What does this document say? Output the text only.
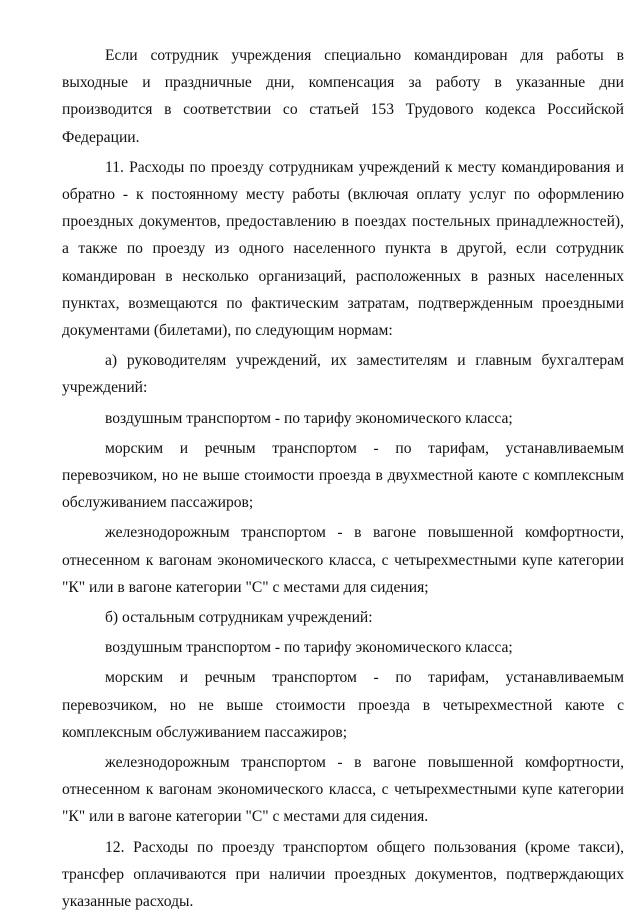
Если сотрудник учреждения специально командирован для работы в выходные и праздничные дни, компенсация за работу в указанные дни производится в соответствии со статьей 153 Трудового кодекса Российской Федерации.

11. Расходы по проезду сотрудникам учреждений к месту командирования и обратно - к постоянному месту работы (включая оплату услуг по оформлению проездных документов, предоставлению в поездах постельных принадлежностей), а также по проезду из одного населенного пункта в другой, если сотрудник командирован в несколько организаций, расположенных в разных населенных пунктах, возмещаются по фактическим затратам, подтвержденным проездными документами (билетами), по следующим нормам:

а) руководителям учреждений, их заместителям и главным бухгалтерам учреждений:

воздушным транспортом - по тарифу экономического класса;

морским и речным транспортом - по тарифам, устанавливаемым перевозчиком, но не выше стоимости проезда в двухместной каюте с комплексным обслуживанием пассажиров;

железнодорожным транспортом - в вагоне повышенной комфортности, отнесенном к вагонам экономического класса, с четырехместными купе категории "К" или в вагоне категории "С" с местами для сидения;

б) остальным сотрудникам учреждений:

воздушным транспортом - по тарифу экономического класса;

морским и речным транспортом - по тарифам, устанавливаемым перевозчиком, но не выше стоимости проезда в четырехместной каюте с комплексным обслуживанием пассажиров;

железнодорожным транспортом - в вагоне повышенной комфортности, отнесенном к вагонам экономического класса, с четырехместными купе категории "К" или в вагоне категории "С" с местами для сидения.

12. Расходы по проезду транспортом общего пользования (кроме такси), трансфер оплачиваются при наличии проездных документов, подтверждающих указанные расходы.
